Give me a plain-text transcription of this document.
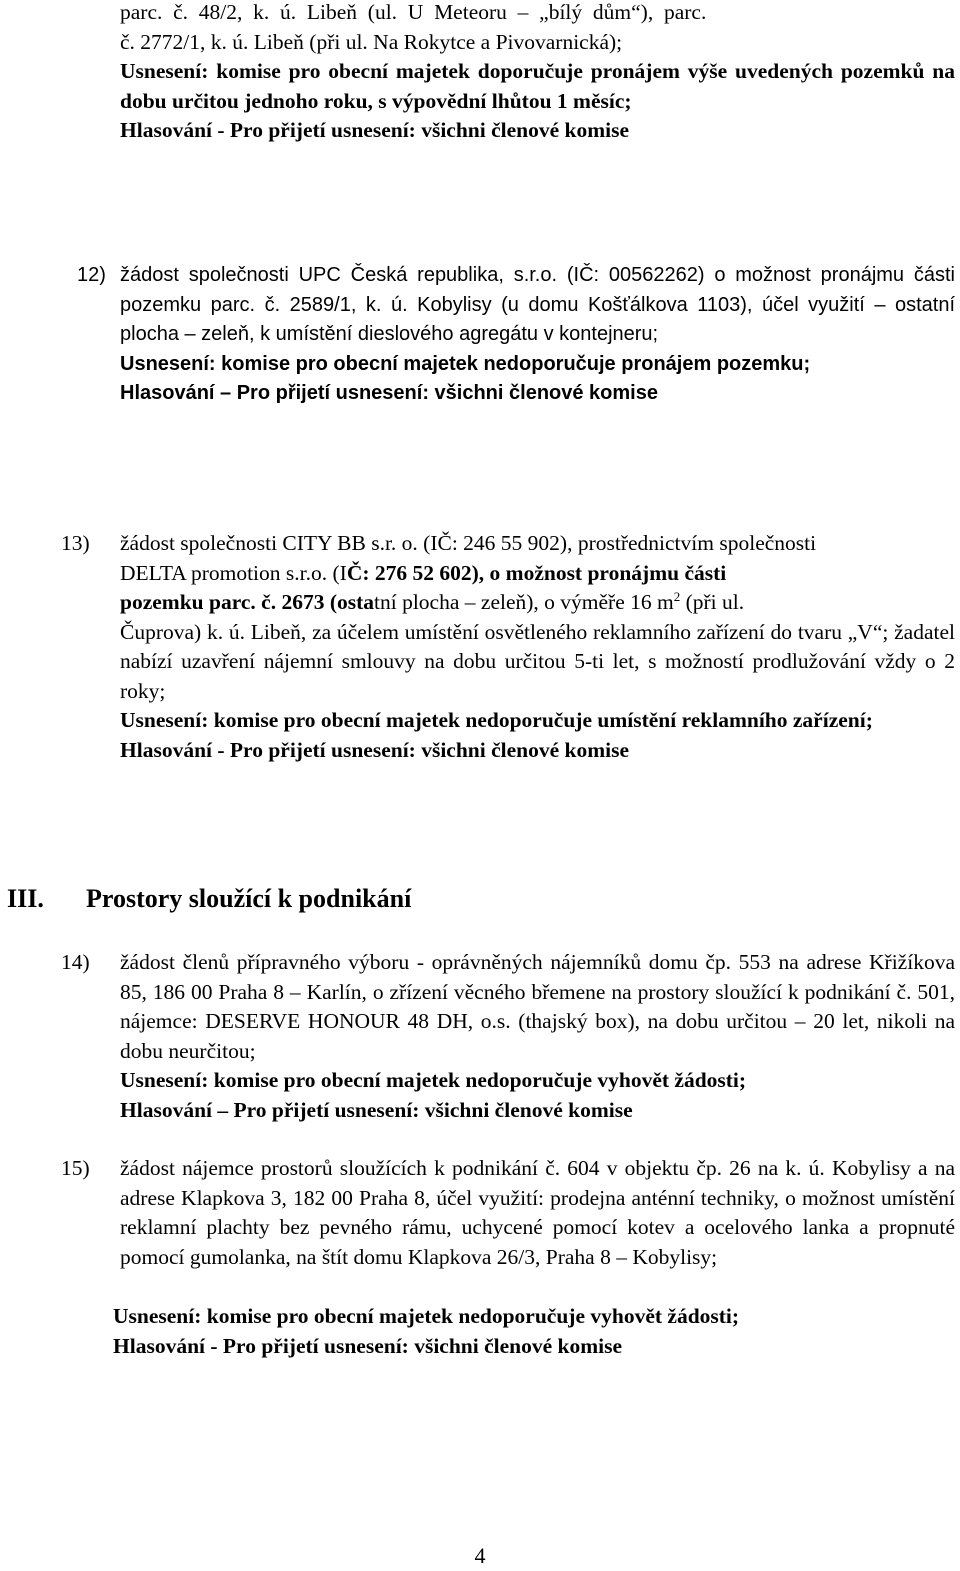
parc.  č.  48/2,  k.  ú.  Libeň  (ul.  U  Meteoru  –  „bílý  dům“),  parc.
č. 2772/1, k. ú. Libeň (při ul. Na Rokytce a Pivovarnická);
Usnesení: komise pro obecní majetek doporučuje pronájem výše uvedených pozemků na dobu určitou jednoho roku, s výpovědní lhůtou 1 měsíc;
Hlasování - Pro přijetí usnesení: všichni členové komise
12) žádost společnosti UPC Česká republika, s.r.o. (IČ: 00562262) o možnost pronájmu části pozemku parc. č. 2589/1, k. ú. Kobylisy (u domu Košťálkova 1103), účel využití – ostatní plocha – zeleň, k umístění dieslového agregátu v kontejneru;
Usnesení: komise pro obecní majetek nedoporučuje pronájem pozemku;
Hlasování – Pro přijetí usnesení: všichni členové komise
13) žádost společnosti CITY BB s.r. o. (IČ: 246 55 902), prostřednictvím společnosti
DELTA promotion s.r.o. (IČ: 276 52 602), o možnost pronájmu části
pozemku parc. č. 2673 (ostatní plocha – zeleň), o výměře 16 $m^2$ (při ul.
Čuprova) k. ú. Libeň, za účelem umístění osvětleného reklamního zařízení do tvaru „V“; žadatel nabízí uzavření nájemní smlouvy na dobu určitou 5-ti let, s možností prodlužování vždy o 2 roky;
Usnesení: komise pro obecní majetek nedoporučuje umístění reklamního zařízení;
Hlasování - Pro přijetí usnesení: všichni členové komise
III. Prostory sloužící k podnikání
14) žádost členů přípravného výboru - oprávněných nájemníků domu čp. 553 na adrese Křižíkova 85, 186 00 Praha 8 – Karlín, o zřízení věcného břemene na prostory sloužící k podnikání č. 501, nájemce: DESERVE HONOUR 48 DH, o.s. (thajský box), na dobu určitou – 20 let, nikoli na dobu neurčitou;
Usnesení: komise pro obecní majetek nedoporučuje vyhovět žádosti;
Hlasování – Pro přijetí usnesení: všichni členové komise
15) žádost nájemce prostorů sloužících k podnikání č. 604 v objektu čp. 26 na k. ú. Kobylisy a na adrese Klapkova 3, 182 00 Praha 8, účel využití: prodejna anténní techniky, o možnost umístění reklamní plachty bez pevného rámu, uchycené pomocí kotev a ocelového lanka a propnuté pomocí gumolanka, na štít domu Klapkova 26/3, Praha 8 – Kobylisy;
Usnesení: komise pro obecní majetek nedoporučuje vyhovět žádosti;
Hlasování - Pro přijetí usnesení: všichni členové komise
4
